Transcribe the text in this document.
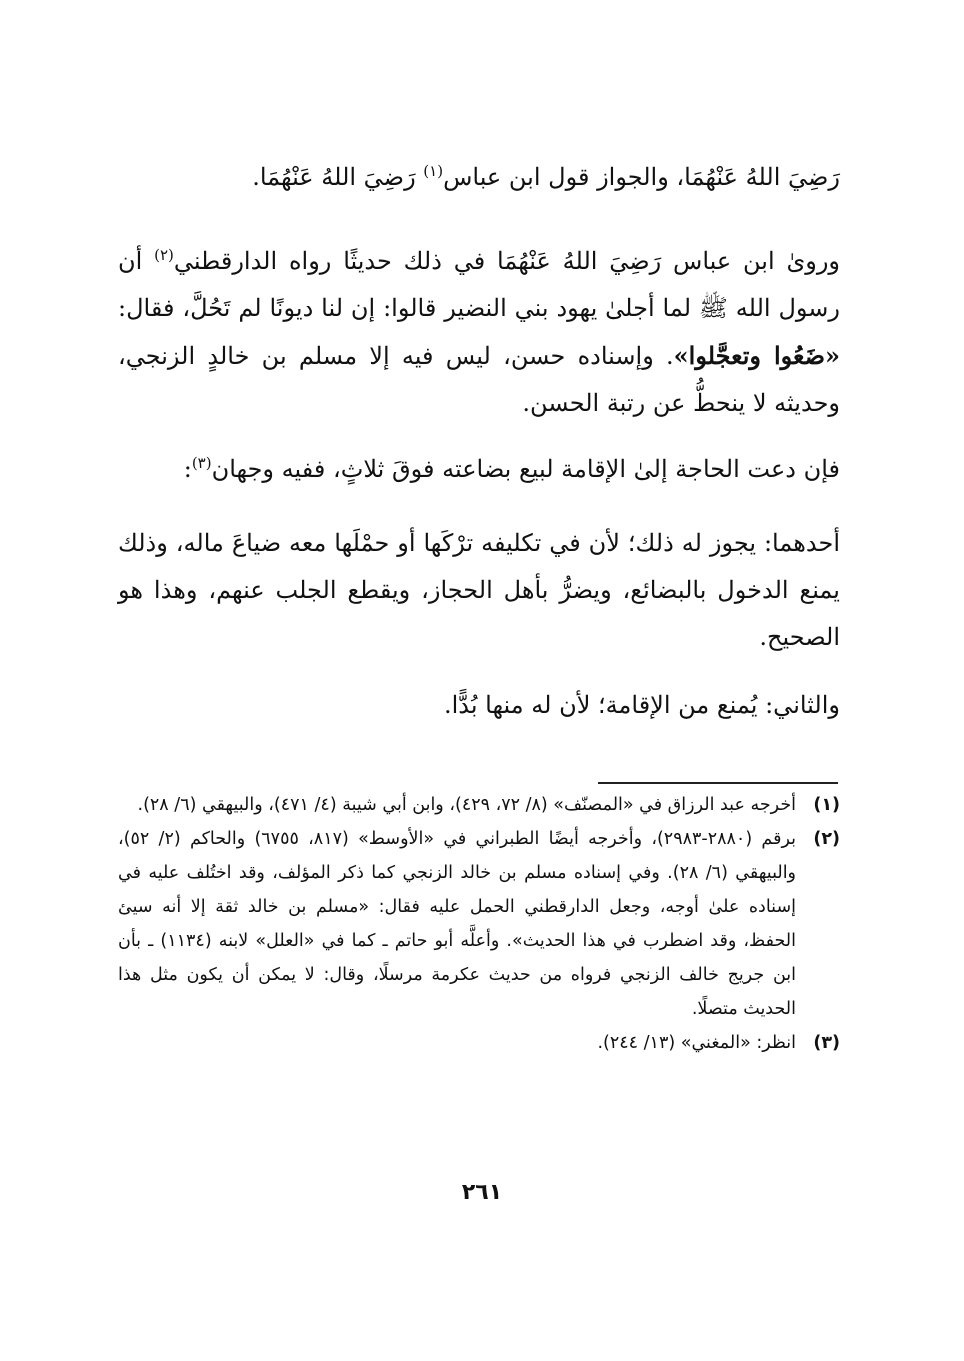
رَضِيَ اللهُ عَنْهُمَا، والجواز قول ابن عباس$^{(١)}$ رَضِيَ اللهُ عَنْهُمَا.

وروىٰ ابن عباس رَضِيَ اللهُ عَنْهُمَا في ذلك حديثًا رواه الدارقطني$^{(٢)}$ أن رسول الله ﷺ لما أجلىٰ يهود بني النضير قالوا: إن لنا ديونًا لم تَحُلَّ، فقال: «ضَعُوا وتعجَّلوا». وإسناده حسن، ليس فيه إلا مسلم بن خالدٍ الزنجي، وحديثه لا ينحطُّ عن رتبة الحسن.

فإن دعت الحاجة إلىٰ الإقامة لبيع بضاعته فوقَ ثلاثٍ، ففيه وجهان$^{(٣)}$:

أحدهما: يجوز له ذلك؛ لأن في تكليفه ترْكَها أو حمْلَها معه ضياعَ ماله، وذلك يمنع الدخول بالبضائع، ويضرُّ بأهل الحجاز، ويقطع الجلب عنهم، وهذا هو الصحيح.

والثاني: يُمنع من الإقامة؛ لأن له منها بُدًّا.

(١)
أخرجه عبد الرزاق في «المصنّف» (٨/ ٧٢، ٤٢٩)، وابن أبي شيبة (٤/ ٤٧١)، والبيهقي (٦/ ٢٨).
(٢)
برقم (٢٨٨٠-٢٩٨٣)، وأخرجه أيضًا الطبراني في «الأوسط» (٨١٧، ٦٧٥٥) والحاكم (٢/ ٥٢)، والبيهقي (٦/ ٢٨). وفي إسناده مسلم بن خالد الزنجي كما ذكر المؤلف، وقد اختُلف عليه في إسناده علىٰ أوجه، وجعل الدارقطني الحمل عليه فقال: «مسلم بن خالد ثقة إلا أنه سيئ الحفظ، وقد اضطرب في هذا الحديث». وأعلَّه أبو حاتم ـ كما في «العلل» لابنه (١١٣٤) ـ بأن ابن جريج خالف الزنجي فرواه من حديث عكرمة مرسلًا، وقال: لا يمكن أن يكون مثل هذا الحديث متصلًا.
(٣)
انظر: «المغني» (١٣/ ٢٤٤).
٢٦١
